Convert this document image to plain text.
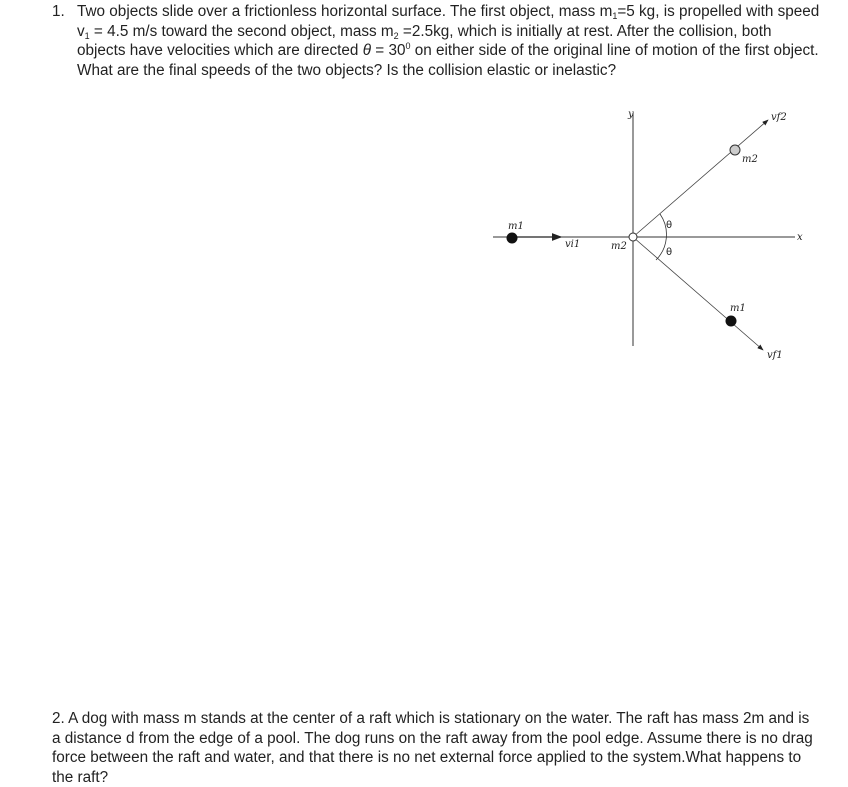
1. Two objects slide over a frictionless horizontal surface. The first object, mass $m_1=5$ kg, is propelled with speed $v_1 = 4.5$ m/s toward the second object, mass $m_2 =2.5kg$, which is initially at rest. After the collision, both objects have velocities which are directed $\theta = 30^0$ on either side of the original line of motion of the first object. What are the final speeds of the two objects? Is the collision elastic or inelastic?
y
x
m1
vi1	m2
m2
m1
vf2
vf1
θ
θ
2. A dog with mass m stands at the center of a raft which is stationary on the water. The raft has mass 2m and is a distance d from the edge of a pool. The dog runs on the raft away from the pool edge. Assume there is no drag force between the raft and water, and that there is no net external force applied to the system.What happens to the raft?
